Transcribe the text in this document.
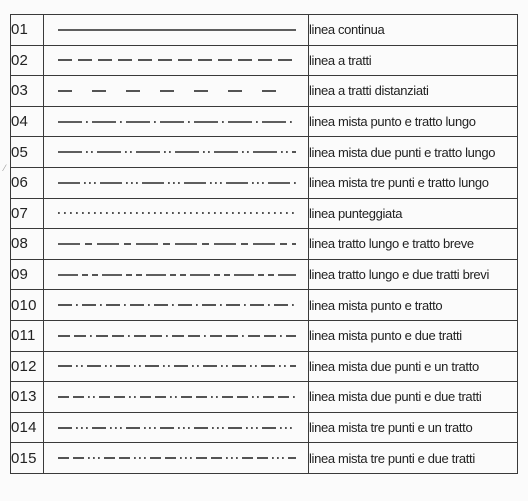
01		linea continua
02		linea a tratti
03		linea a tratti distanziati
04		linea mista punto e tratto lungo
05		linea mista due punti e tratto lungo
06		linea mista tre punti e tratto lungo
07		linea punteggiata
08		linea tratto lungo e tratto breve
09		linea tratto lungo e due tratti brevi
010		linea mista punto e tratto
011		linea mista punto e due tratti
012		linea mista due punti e un tratto
013		linea mista due punti e due tratti
014		linea mista tre punti e un tratto
015		linea mista tre punti e due tratti
⁄
